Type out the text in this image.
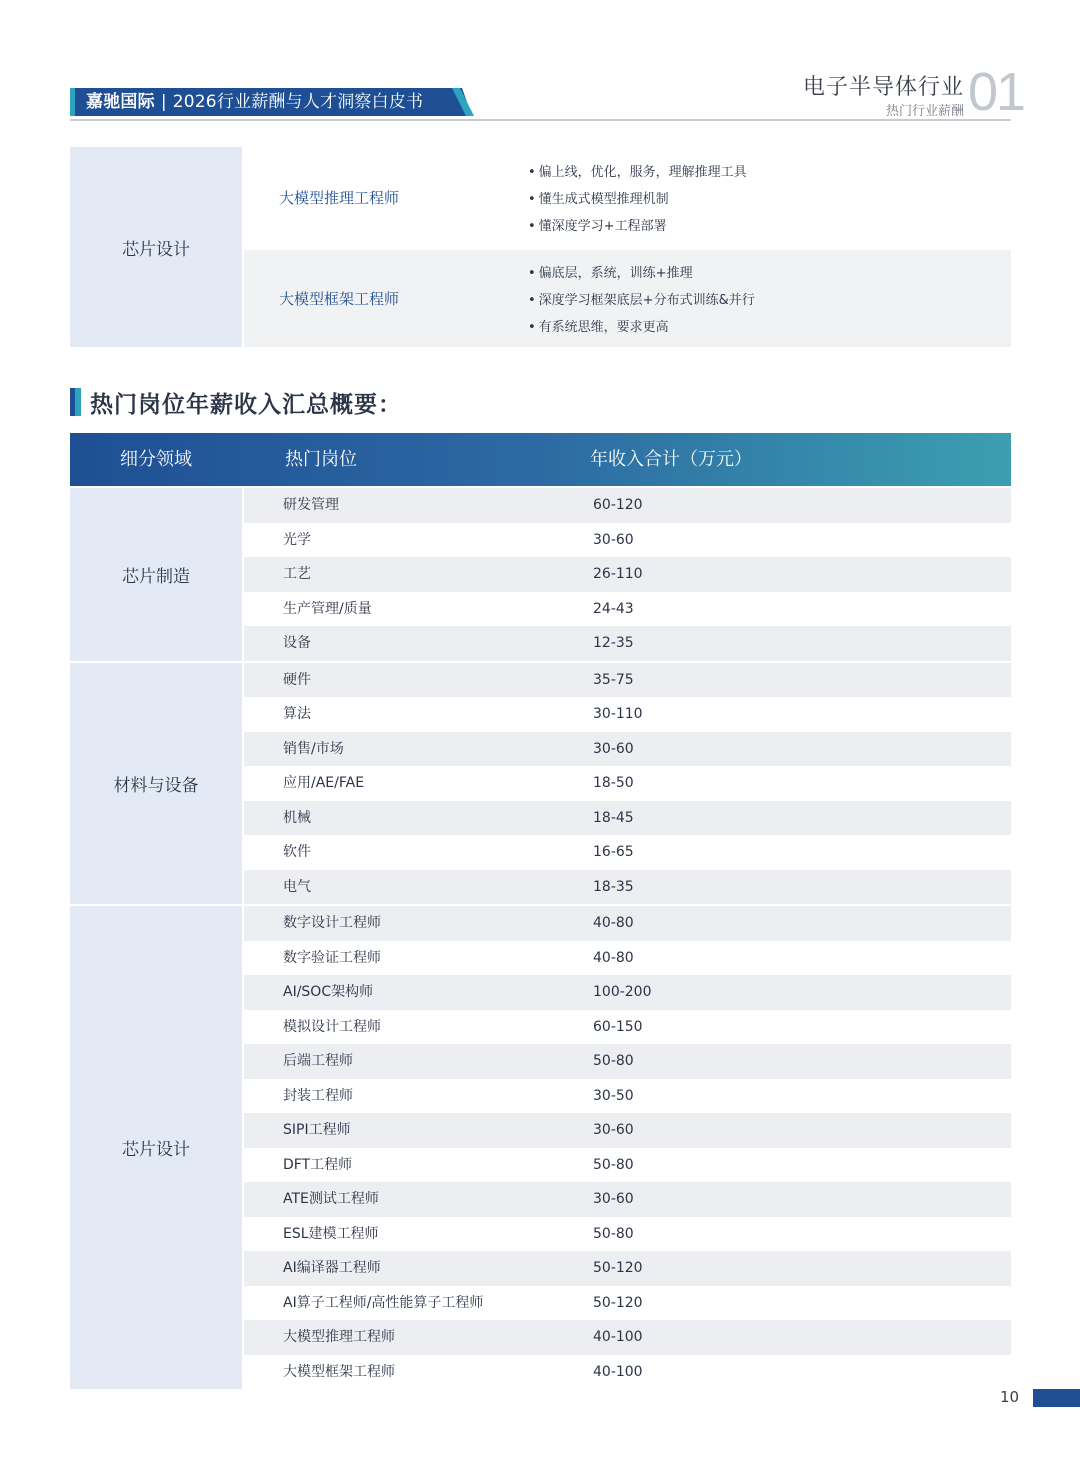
嘉驰国际 | 2026行业薪酬与人才洞察白皮书
电子半导体行业
热门行业薪酬 01
芯片设计
大模型推理工程师
• 偏上线，优化，服务，理解推理工具
• 懂生成式模型推理机制
• 懂深度学习+工程部署
大模型框架工程师
• 偏底层，系统，训练+推理
• 深度学习框架底层+分布式训练&并行
• 有系统思维，要求更高
热门岗位年薪收入汇总概要：
细分领域	热门岗位	年收入合计（万元）
芯片制造
研发管理	60-120
光学	30-60
工艺	26-110
生产管理/质量	24-43
设备	12-35
材料与设备
硬件	35-75
算法	30-110
销售/市场	30-60
应用/AE/FAE	18-50
机械	18-45
软件	16-65
电气	18-35
芯片设计
数字设计工程师	40-80
数字验证工程师	40-80
AI/SOC架构师	100-200
模拟设计工程师	60-150
后端工程师	50-80
封装工程师	30-50
SIPI工程师	30-60
DFT工程师	50-80
ATE测试工程师	30-60
ESL建模工程师	50-80
AI编译器工程师	50-120
AI算子工程师/高性能算子工程师	50-120
大模型推理工程师	40-100
大模型框架工程师	40-100
10
